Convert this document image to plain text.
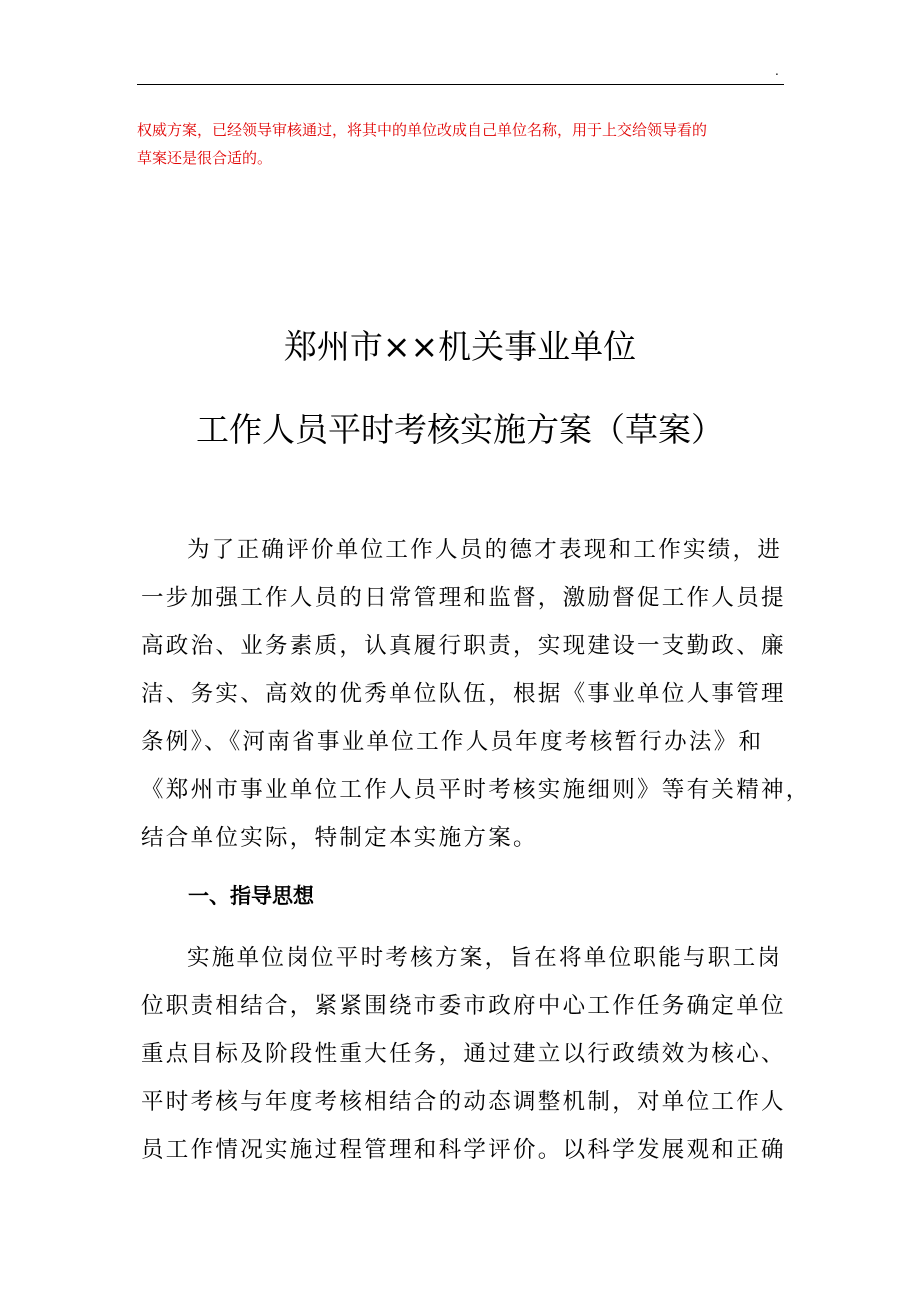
.
权威方案，已经领导审核通过，将其中的单位改成自己单位名称，用于上交给领导看的
草案还是很合适的。
郑州市××机关事业单位
工作人员平时考核实施方案（草案）
为了正确评价单位工作人员的德才表现和工作实绩，进
一步加强工作人员的日常管理和监督，激励督促工作人员提
高政治、业务素质，认真履行职责，实现建设一支勤政、廉
洁、务实、高效的优秀单位队伍，根据《事业单位人事管理
条例》、《河南省事业单位工作人员年度考核暂行办法》和
《郑州市事业单位工作人员平时考核实施细则》等有关精神，
结合单位实际，特制定本实施方案。
一、指导思想
实施单位岗位平时考核方案，旨在将单位职能与职工岗
位职责相结合，紧紧围绕市委市政府中心工作任务确定单位
重点目标及阶段性重大任务，通过建立以行政绩效为核心、
平时考核与年度考核相结合的动态调整机制，对单位工作人
员工作情况实施过程管理和科学评价。以科学发展观和正确
